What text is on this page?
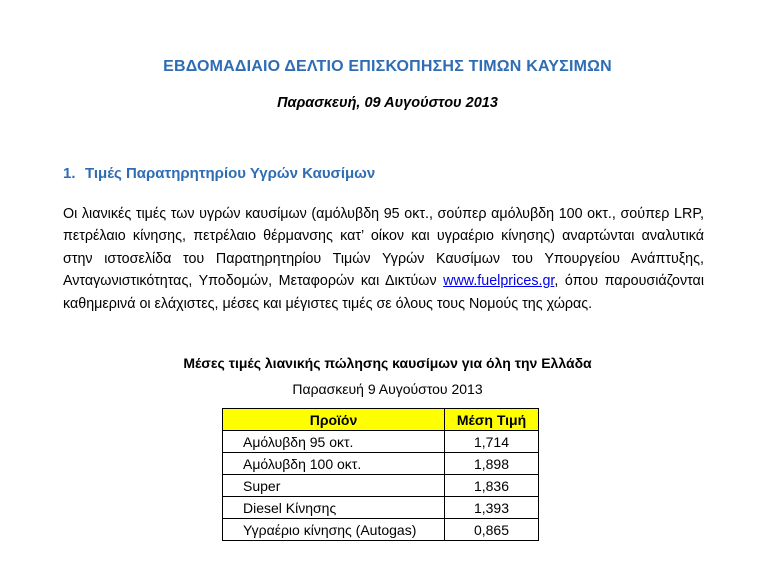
ΕΒΔΟΜΑΔΙΑΙΟ ΔΕΛΤΙΟ ΕΠΙΣΚΟΠΗΣΗΣ ΤΙΜΩΝ ΚΑΥΣΙΜΩΝ
Παρασκευή, 09 Αυγούστου 2013
1. Τιμές Παρατηρητηρίου Υγρών Καυσίμων

Οι λιανικές τιμές των υγρών καυσίμων (αμόλυβδη 95 οκτ., σούπερ αμόλυβδη 100 οκτ., σούπερ LRP, πετρέλαιο κίνησης, πετρέλαιο θέρμανσης κατ’ οίκον και υγραέριο κίνησης) αναρτώνται αναλυτικά στην ιστοσελίδα του Παρατηρητηρίου Τιμών Υγρών Καυσίμων του Υπουργείου Ανάπτυξης, Ανταγωνιστικότητας, Υποδομών, Μεταφορών και Δικτύων www.fuelprices.gr, όπου παρουσιάζονται καθημερινά οι ελάχιστες, μέσες και μέγιστες τιμές σε όλους τους Νομούς της χώρας.

Μέσες τιμές λιανικής πώλησης καυσίμων για όλη την Ελλάδα
Παρασκευή 9 Αυγούστου 2013
Προϊόν	Μέση Τιμή
Αμόλυβδη 95 οκτ.	1,714
Αμόλυβδη 100 οκτ.	1,898
Super	1,836
Diesel Κίνησης	1,393
Υγραέριο κίνησης (Autogas)	0,865
